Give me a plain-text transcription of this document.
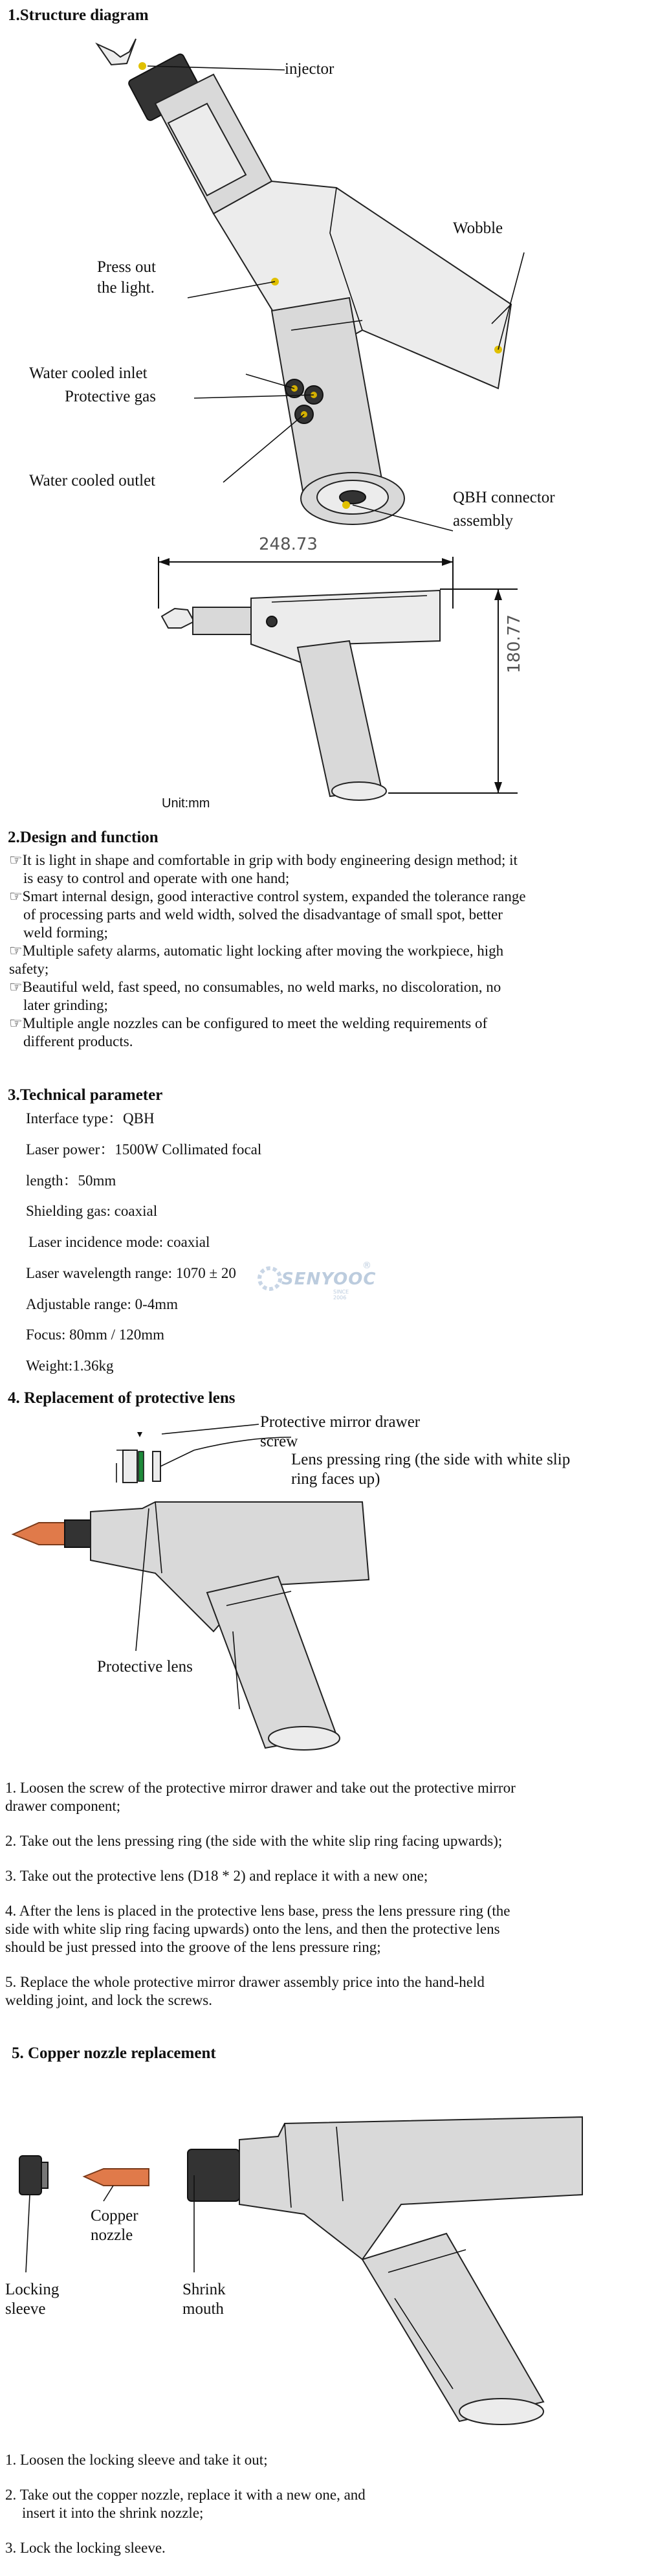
1.Structure diagram
injector
Press out
the light.
Wobble
Water cooled inlet
Protective gas
Water cooled outlet
QBH connector
assembly
248.73
180.77
Unit:mm
2.Design and function
☞It is light in shape and comfortable in grip with body engineering design method; it
is easy to control and operate with one hand;
☞Smart internal design, good interactive control system, expanded the tolerance range
of processing parts and weld width, solved the disadvantage of small spot, better
weld forming;
☞Multiple safety alarms, automatic light locking after moving the workpiece, high
safety;
☞Beautiful weld, fast speed, no consumables, no weld marks, no discoloration, no
later grinding;
☞Multiple angle nozzles can be configured to meet the welding requirements of
different products.
3.Technical parameter
Interface type：QBH
Laser power：1500W Collimated focal
length：50mm
Shielding gas: coaxial
Laser incidence mode: coaxial
Laser wavelength range: 1070 ± 20
Adjustable range: 0-4mm
Focus: 80mm / 120mm
Weight:1.36kg
SENYOOC
®
SINCE 2006
4. Replacement of protective lens
Protective mirror drawer
screw
Lens pressing ring (the side with white slip
ring faces up)
Protective lens
1. Loosen the screw of the protective mirror drawer and take out the protective mirror
drawer component;
2. Take out the lens pressing ring (the side with the white slip ring facing upwards);
3. Take out the protective lens (D18 * 2) and replace it with a new one;
4. After the lens is placed in the protective lens base, press the lens pressure ring (the
side with white slip ring facing upwards) onto the lens, and then the protective lens
should be just pressed into the groove of the lens pressure ring;
5. Replace the whole protective mirror drawer assembly price into the hand-held
welding joint, and lock the screws.
5. Copper nozzle replacement
Copper
nozzle
Locking
sleeve
Shrink
mouth
1. Loosen the locking sleeve and take it out;
2. Take out the copper nozzle, replace it with a new one, and
insert it into the shrink nozzle;
3. Lock the locking sleeve.
